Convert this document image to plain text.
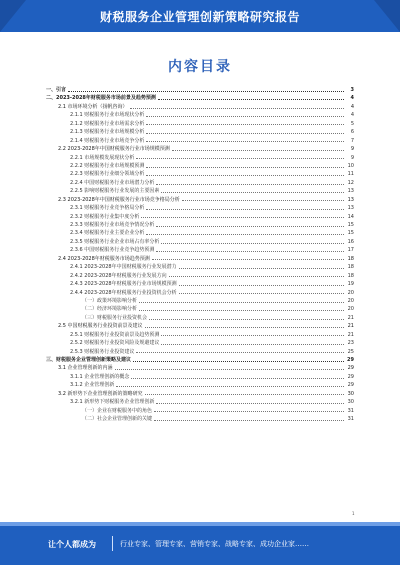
财税服务企业管理创新策略研究报告
内容目录
一、引言	3
二、2023-2028年财税服务市场前景及趋势预测	4
2.1 市场环境分析（扬帆咨询）	4
2.1.1 财税服务行业市场现状分析	4
2.1.2 财税服务行业市场需求分析	5
2.1.3 财税服务行业市场规模分析	6
2.1.4 财税服务行业市场竞争分析	7
2.2 2023-2028年中国财税服务行业市场规模预测	9
2.2.1 市场规模发展现状分析	9
2.2.2 财税服务行业市场规模预测	10
2.2.3 财税服务行业细分领域分析	11
2.2.4 中国财税服务行业市场潜力分析	12
2.2.5 影响财税服务行业发展的主要因素	13
2.3 2023-2028年中国财税服务行业市场竞争格局分析	13
2.3.1 财税服务行业竞争格局分析	13
2.3.2 财税服务行业集中度分析	14
2.3.3 财税服务行业市场竞争情况分析	15
2.3.4 财税服务行业主要企业分析	15
2.3.5 财税服务行业企业市场占有率分析	16
2.3.6 中国财税服务行业竞争趋势预测	17
2.4 2023-2028年财税服务市场趋势预测	18
2.4.1 2023-2028年中国财税服务行业发展潜力	18
2.4.2 2023-2028年财税服务行业发展方向	18
2.4.3 2023-2028年财税服务行业市场规模预测	19
2.4.4 2023-2028年财税服务行业投资机会分析	20
（一）政策环境影响分析	20
（二）经济环境影响分析	20
（三）财税服务行业投资机会	21
2.5 中国财税服务行业投资前景及建议	21
2.5.1 财税服务行业投资前景及趋势预测	21
2.5.2 财税服务行业投资风险及规避建议	23
2.5.3 财税服务行业投资建议	25
三、财税服务企业管理创新策略及建议	29
3.1 企业管理创新的内涵	29
3.1.1 企业管理创新的概念	29
3.1.2 企业管理创新	29
3.2 新形势下企业管理创新的策略研究	30
3.2.1 新形势下财税服务企业管理创新	30
（一）企业在财税服务中的角色	31
（二）社会企业管理创新的关键	31
1
让个人都成为	行业专家、管理专家、营销专家、战略专家、成功企业家……
